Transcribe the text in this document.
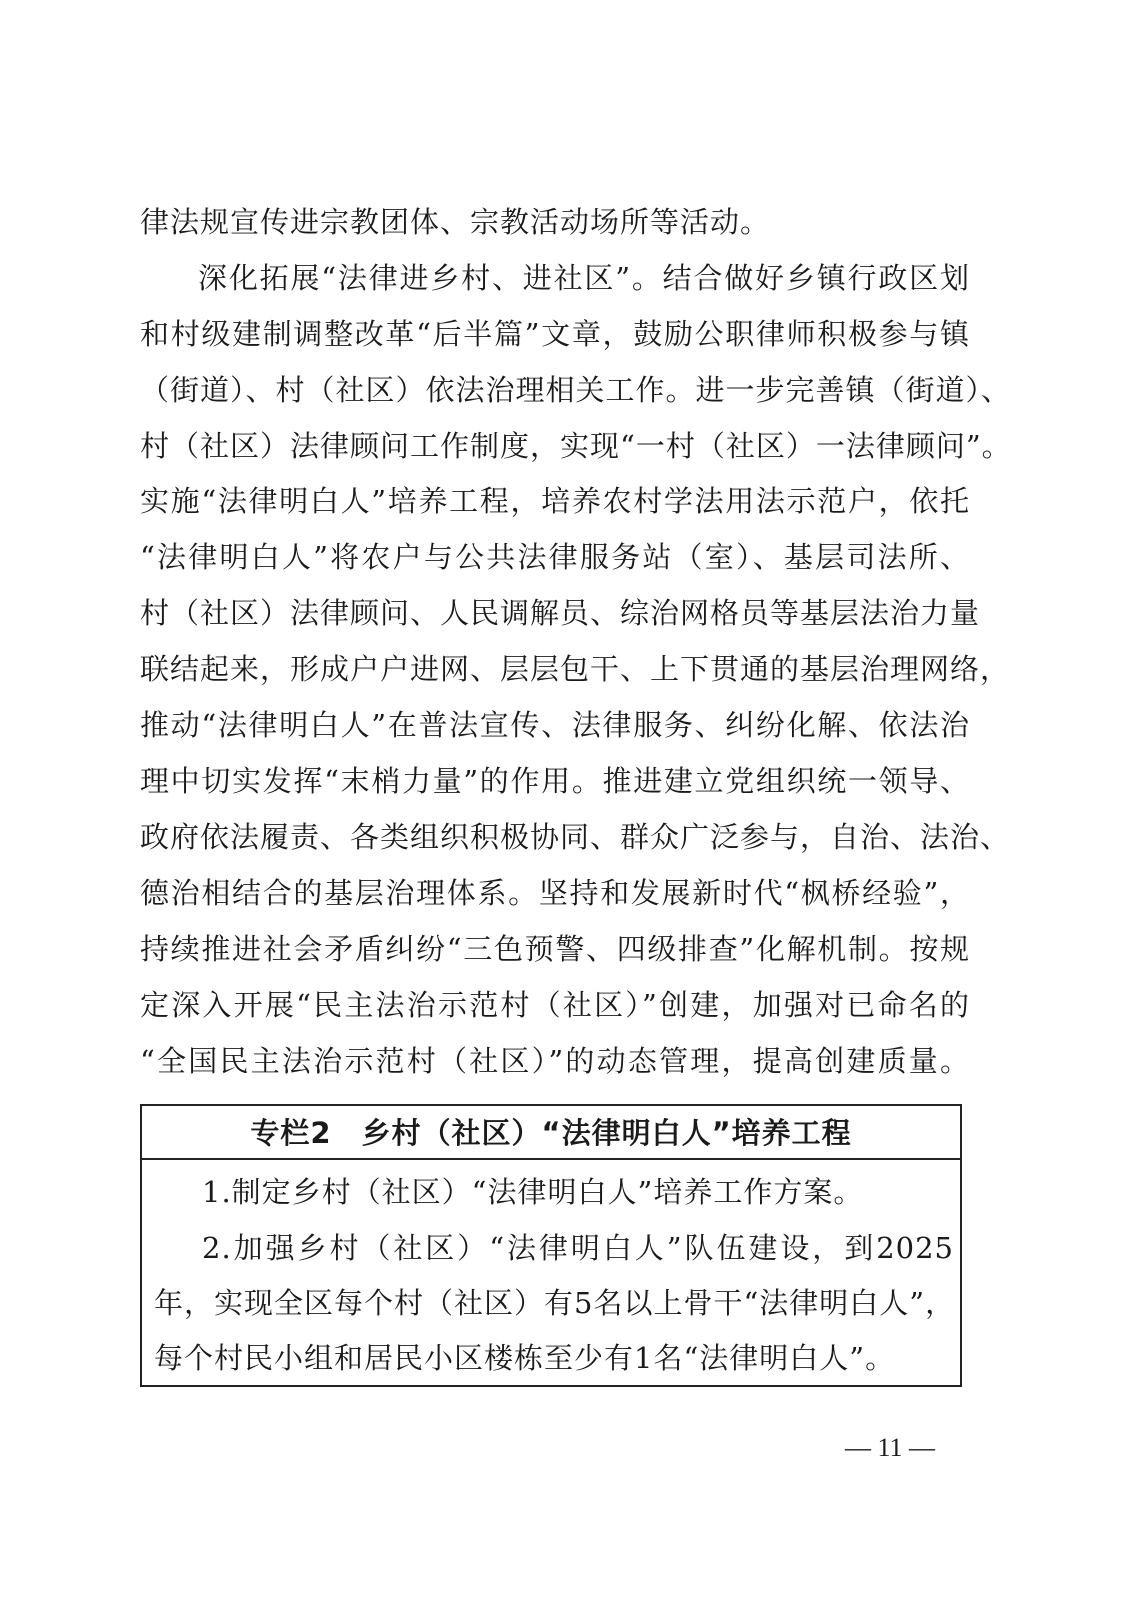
律法规宣传进宗教团体、宗教活动场所等活动。
深化拓展“法律进乡村、进社区”。结合做好乡镇行政区划
和村级建制调整改革“后半篇”文章，鼓励公职律师积极参与镇
（街道）、村（社区）依法治理相关工作。进一步完善镇（街道）、
村（社区）法律顾问工作制度，实现“一村（社区）一法律顾问”。
实施“法律明白人”培养工程，培养农村学法用法示范户，依托
“法律明白人”将农户与公共法律服务站（室）、基层司法所、
村（社区）法律顾问、人民调解员、综治网格员等基层法治力量
联结起来，形成户户进网、层层包干、上下贯通的基层治理网络，
推动“法律明白人”在普法宣传、法律服务、纠纷化解、依法治
理中切实发挥“末梢力量”的作用。推进建立党组织统一领导、
政府依法履责、各类组织积极协同、群众广泛参与，自治、法治、
德治相结合的基层治理体系。坚持和发展新时代“枫桥经验”，
持续推进社会矛盾纠纷“三色预警、四级排查”化解机制。按规
定深入开展“民主法治示范村（社区）”创建，加强对已命名的
“全国民主法治示范村（社区）”的动态管理，提高创建质量。
专栏2　乡村（社区）“法律明白人”培养工程
1.制定乡村（社区）“法律明白人”培养工作方案。
2.加强乡村（社区）“法律明白人”队伍建设，到2025
年，实现全区每个村（社区）有5名以上骨干“法律明白人”，
每个村民小组和居民小区楼栋至少有1名“法律明白人”。
— 11 —
